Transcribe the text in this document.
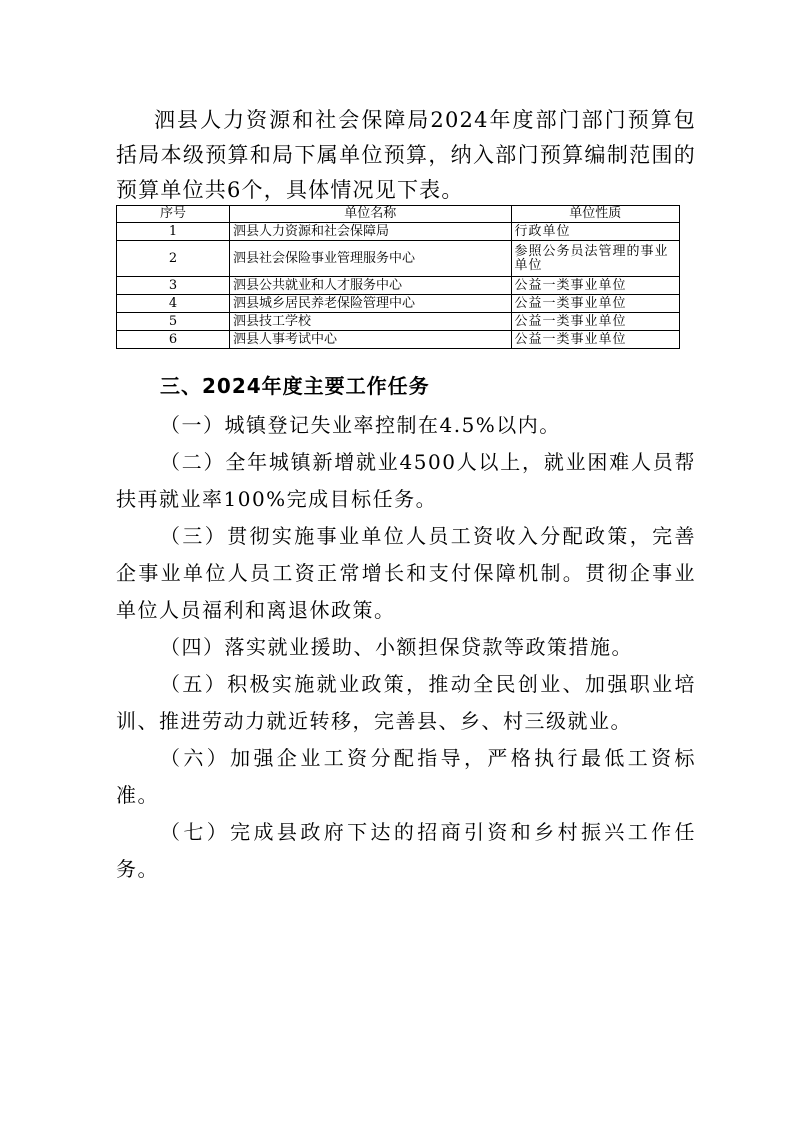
泗县人力资源和社会保障局2024年度部门部门预算包括局本级预算和局下属单位预算，纳入部门预算编制范围的预算单位共6个，具体情况见下表。

序号	单位名称	单位性质
1	泗县人力资源和社会保障局	行政单位
2	泗县社会保险事业管理服务中心	参照公务员法管理的事业单位
3	泗县公共就业和人才服务中心	公益一类事业单位
4	泗县城乡居民养老保险管理中心	公益一类事业单位
5	泗县技工学校	公益一类事业单位
6	泗县人事考试中心	公益一类事业单位
三、2024年度主要工作任务

（一）城镇登记失业率控制在4.5%以内。

（二）全年城镇新增就业4500人以上，就业困难人员帮扶再就业率100%完成目标任务。

（三）贯彻实施事业单位人员工资收入分配政策，完善企事业单位人员工资正常增长和支付保障机制。贯彻企事业单位人员福利和离退休政策。

（四）落实就业援助、小额担保贷款等政策措施。

（五）积极实施就业政策，推动全民创业、加强职业培训、推进劳动力就近转移，完善县、乡、村三级就业。

（六）加强企业工资分配指导，严格执行最低工资标准。

（七）完成县政府下达的招商引资和乡村振兴工作任务。
